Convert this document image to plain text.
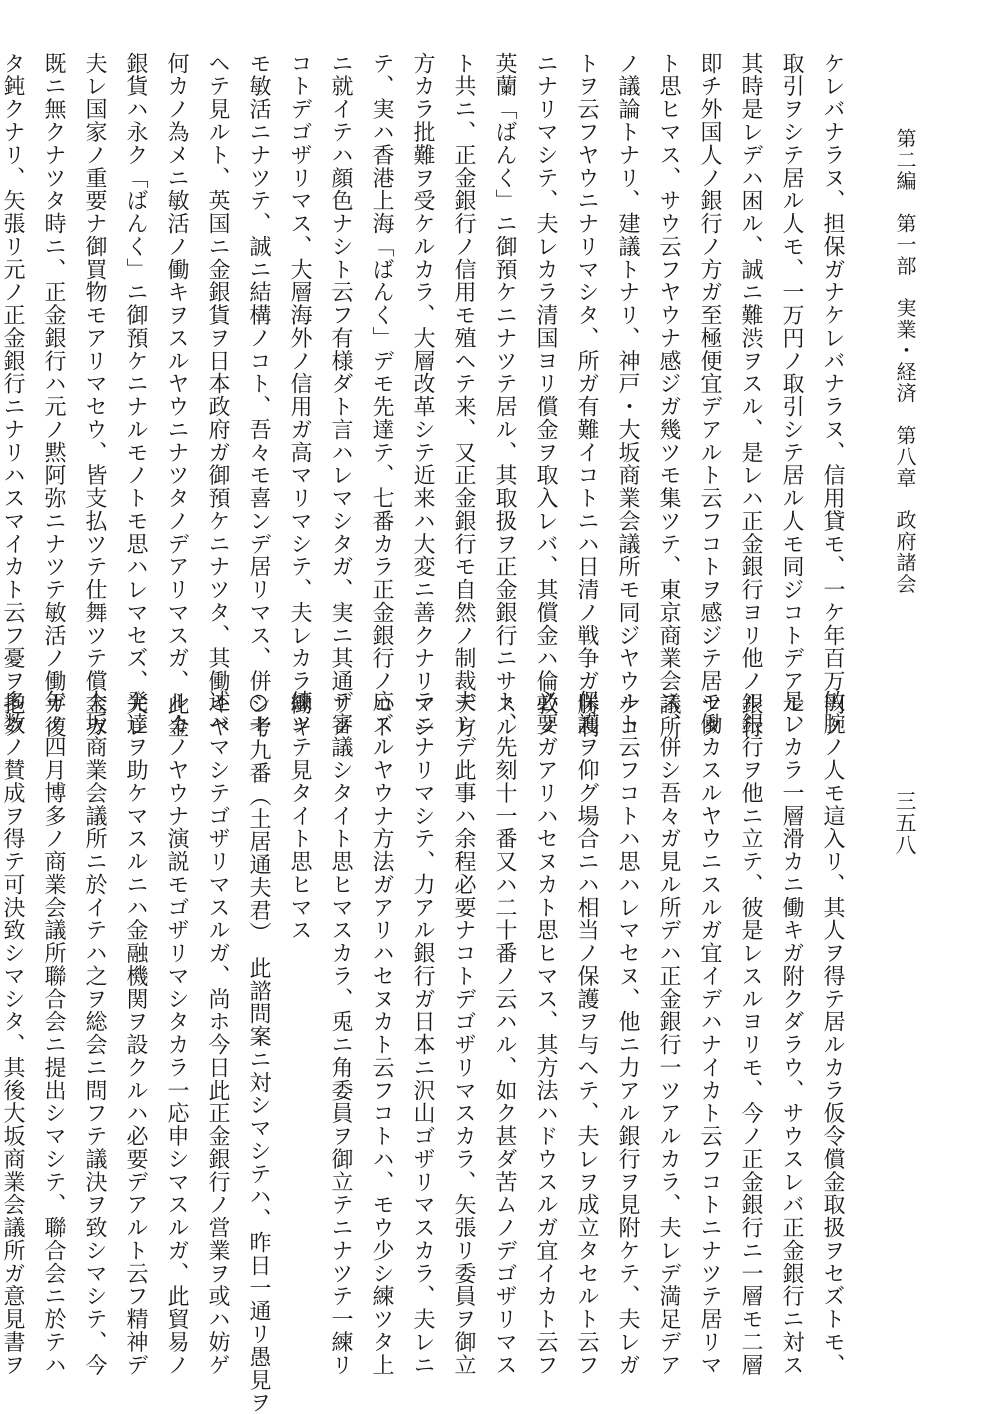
第二編　第一部　実業・経済　第八章　政府諸会
三五八
ケレバナラヌ、担保ガナケレバナラヌ、信用貸モ、一ケ年百万円ノ
取引ヲシテ居ル人モ、一万円ノ取引シテ居ル人モ同ジコトデアル、
其時是レデハ困ル、誠ニ難渋ヲスル、是レハ正金銀行ヨリ他ノ銀行
即チ外国人ノ銀行ノ方ガ至極便宜デアルト云フコトヲ感ジテ居ツタ
ト思ヒマス、サウ云フヤウナ感ジガ幾ツモ集ツテ、東京商業会議所
ノ議論トナリ、建議トナリ、神戸・大坂商業会議所モ同ジヤウナコ
トヲ云フヤウニナリマシタ、所ガ有難イコトニハ日清ノ戦争ガ勝利
ニナリマシテ、夫レカラ清国ヨリ償金ヲ取入レバ、其償金ハ倫敦ノ
英蘭「ばんく」ニ御預ケニナツテ居ル、其取扱ヲ正金銀行ニサスル
ト共ニ、正金銀行ノ信用モ殖ヘテ来、又正金銀行モ自然ノ制裁デ方
方カラ批難ヲ受ケルカラ、大層改革シテ近来ハ大変ニ善クナリマシ
テ、実ハ香港上海「ばんく」デモ先達テ、七番カラ正金銀行ノコト
ニ就イテハ顔色ナシト云フ有様ダト言ハレマシタガ、実ニ其通リノ
コトデゴザリマス、大層海外ノ信用ガ高マリマシテ、夫レカラ働キ
モ敏活ニナツテ、誠ニ結構ノコト、吾々モ喜ンデ居リマス、併シ考
ヘテ見ルト、英国ニ金銀貨ヲ日本政府ガ御預ケニナツタ、其働キヤ
何カノ為メニ敏活ノ働キヲスルヤウニナツタノデアリマスガ、此金
銀貨ハ永ク「ばんく」ニ御預ケニナルモノトモ思ハレマセズ、夫レ
夫レ国家ノ重要ナ御買物モアリマセウ、皆支払ツテ仕舞ツテ償金ガ
既ニ無クナツタ時ニ、正金銀行ハ元ノ黙阿弥ニナツテ敏活ノ働ガ復
タ鈍クナリ、矢張リ元ノ正金銀行ニナリハスマイカト云フ憂ヲ抱ク
敏腕ノ人モ這入リ、其人ヲ得テ居ルカラ仮令償金取扱ヲセズトモ、
是レカラ一層滑カニ働キガ附クダラウ、サウスレバ正金銀行ニ対ス
ル銀行ヲ他ニ立テ、彼是レスルヨリモ、今ノ正金銀行ニ一層モ二層
モ働カスルヤウニスルガ宜イデハナイカト云フコトニナツテ居リマ
ス、併シ吾々ガ見ル所デハ正金銀行一ツアルカラ、夫レデ満足デア
ルト云フコトハ思ハレマセヌ、他ニ力アル銀行ヲ見附ケテ、夫レガ
保護ヲ仰グ場合ニハ相当ノ保護ヲ与ヘテ、夫レヲ成立タセルト云フ
必要ガアリハセヌカト思ヒマス、其方法ハドウスルガ宜イカト云フ
ト、先刻十一番又ハ二十番ノ云ハル、如ク甚ダ苦ムノデゴザリマス
夫レデ此事ハ余程必要ナコトデゴザリマスカラ、矢張リ委員ヲ御立
テニナリマシテ、力アル銀行ガ日本ニ沢山ゴザリマスカラ、夫レニ
応ズルヤウナ方法ガアリハセヌカト云フコトハ、モウ少シ練ツタ上
デ審議シタイト思ヒマスカラ、兎ニ角委員ヲ御立テニナツテ一練リ
練ツテ見タイト思ヒマス
○十九番（土居通夫君）　此諮問案ニ対シマシテハ、昨日一通リ愚見ヲ
述ベマシテゴザリマスルガ、尚ホ今日此正金銀行ノ営業ヲ或ハ妨ゲ
ルカノヤウナ演説モゴザリマシタカラ一応申シマスルガ、此貿易ノ
発達ヲ助ケマスルニハ金融機関ヲ設クルハ必要デアルト云フ精神デ
大坂商業会議所ニ於イテハ之ヲ総会ニ問フテ議決ヲ致シマシテ、今
年ノ四月博多ノ商業会議所聯合会ニ提出シマシテ、聯合会ニ於テハ
多数ノ賛成ヲ得テ可決致シマシタ、其後大坂商業会議所ガ意見書ヲ
